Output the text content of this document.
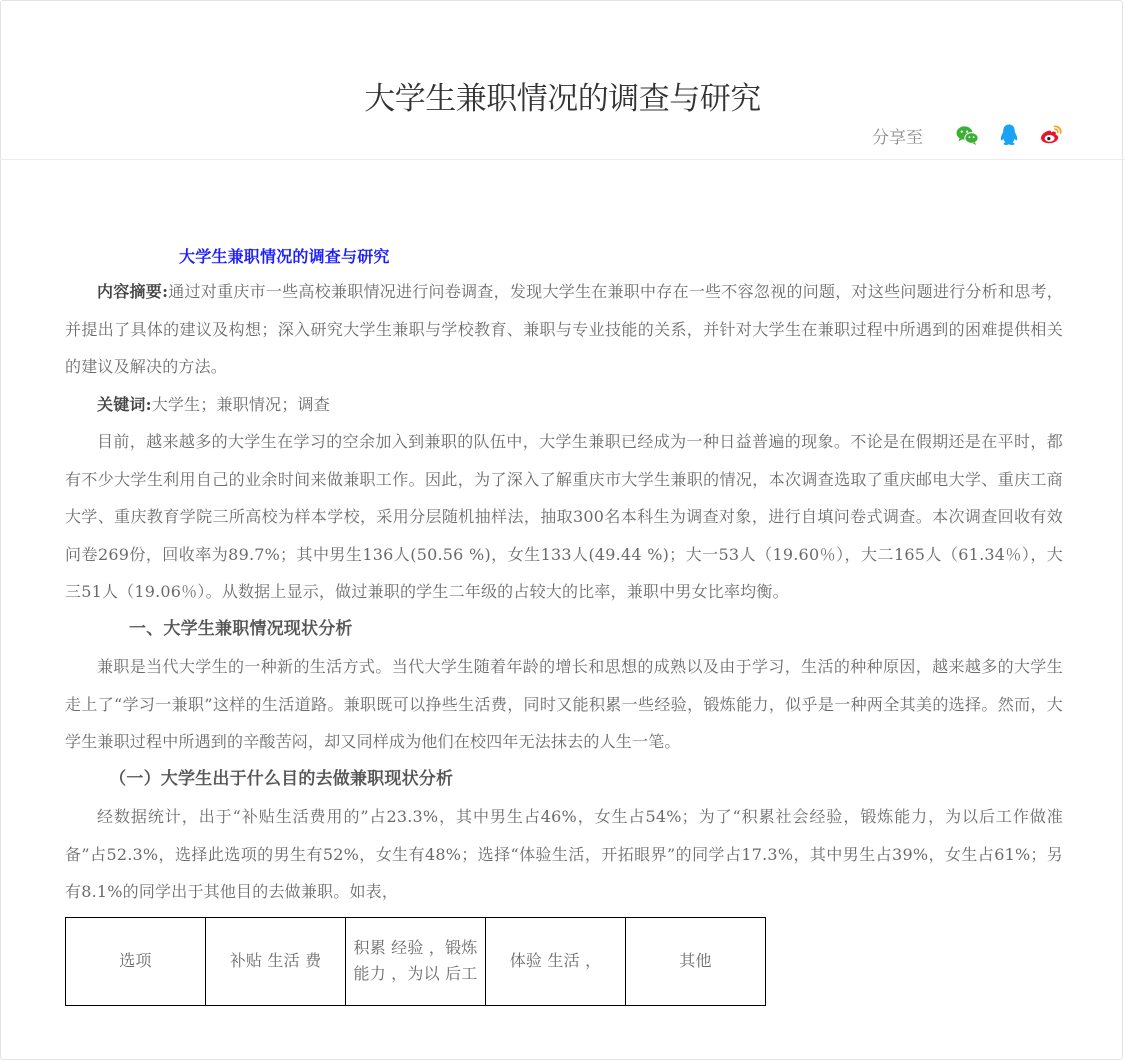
大学生兼职情况的调查与研究
分享至

大学生兼职情况的调查与研究

内容摘要:通过对重庆市一些高校兼职情况进行问卷调查，发现大学生在兼职中存在一些不容忽视的问题，对这些问题进行分析和思考，并提出了具体的建议及构想；深入研究大学生兼职与学校教育、兼职与专业技能的关系，并针对大学生在兼职过程中所遇到的困难提供相关的建议及解决的方法。

关键词:大学生；兼职情况；调查

目前，越来越多的大学生在学习的空余加入到兼职的队伍中，大学生兼职已经成为一种日益普遍的现象。不论是在假期还是在平时，都有不少大学生利用自己的业余时间来做兼职工作。因此，为了深入了解重庆市大学生兼职的情况，本次调查选取了重庆邮电大学、重庆工商大学、重庆教育学院三所高校为样本学校，采用分层随机抽样法，抽取300名本科生为调查对象，进行自填问卷式调查。本次调查回收有效问卷269份，回收率为89.7%；其中男生136人(50.56 %)，女生133人(49.44 %)；大一53人（19.60％），大二165人（61.34％），大三51人（19.06％）。从数据上显示，做过兼职的学生二年级的占较大的比率，兼职中男女比率均衡。

一、大学生兼职情况现状分析

兼职是当代大学生的一种新的生活方式。当代大学生随着年龄的增长和思想的成熟以及由于学习，生活的种种原因，越来越多的大学生走上了“学习一兼职”这样的生活道路。兼职既可以挣些生活费，同时又能积累一些经验，锻炼能力，似乎是一种两全其美的选择。然而，大学生兼职过程中所遇到的辛酸苦闷，却又同样成为他们在校四年无法抹去的人生一笔。

（一）大学生出于什么目的去做兼职现状分析

经数据统计，出于“补贴生活费用的”占23.3%，其中男生占46%，女生占54%；为了“积累社会经验，锻炼能力，为以后工作做准备”占52.3%，选择此选项的男生有52%，女生有48%；选择“体验生活，开拓眼界”的同学占17.3%，其中男生占39%，女生占61%；另有8.1%的同学出于其他目的去做兼职。如表，

选项	补贴 生活 费	积累 经验 ，锻炼 能力 ，为以 后工	体验 生活 ，	其他
